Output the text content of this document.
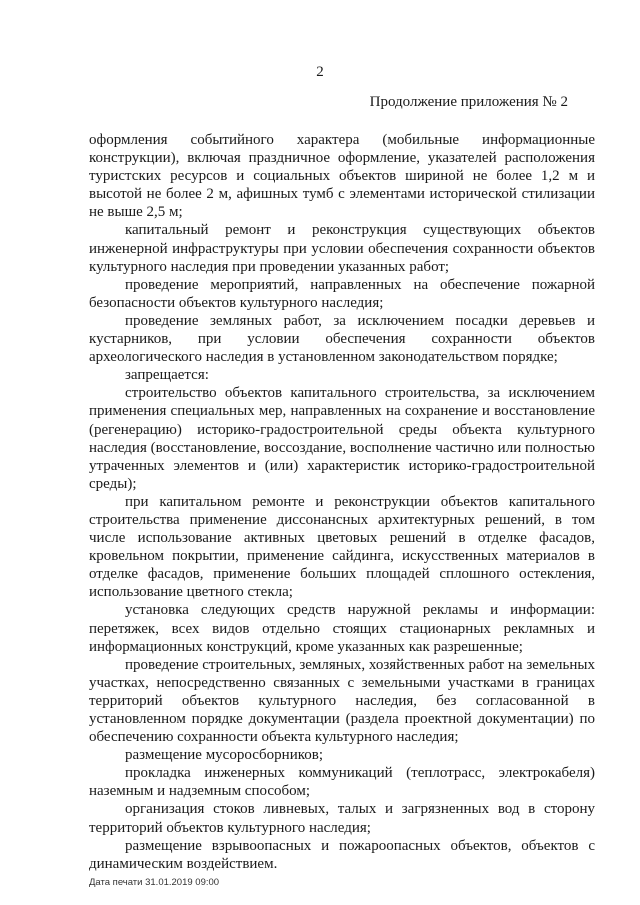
2
Продолжение приложения № 2

оформления событийного характера (мобильные информационные конструкции), включая праздничное оформление, указателей расположения туристских ресурсов и социальных объектов шириной не более 1,2 м и высотой не более 2 м, афишных тумб с элементами исторической стилизации не выше 2,5 м;

капитальный ремонт и реконструкция существующих объектов инженерной инфраструктуры при условии обеспечения сохранности объектов культурного наследия при проведении указанных работ;

проведение мероприятий, направленных на обеспечение пожарной безопасности объектов культурного наследия;

проведение земляных работ, за исключением посадки деревьев и кустарников, при условии обеспечения сохранности объектов археологического наследия в установленном законодательством порядке;

запрещается:

строительство объектов капитального строительства, за исключением применения специальных мер, направленных на сохранение и восстановление (регенерацию) историко-градостроительной среды объекта культурного наследия (восстановление, воссоздание, восполнение частично или полностью утраченных элементов и (или) характеристик историко-градостроительной среды);

при капитальном ремонте и реконструкции объектов капитального строительства применение диссонансных архитектурных решений, в том числе использование активных цветовых решений в отделке фасадов, кровельном покрытии, применение сайдинга, искусственных материалов в отделке фасадов, применение больших площадей сплошного остекления, использование цветного стекла;

установка следующих средств наружной рекламы и информации: перетяжек, всех видов отдельно стоящих стационарных рекламных и информационных конструкций, кроме указанных как разрешенные;

проведение строительных, земляных, хозяйственных работ на земельных участках, непосредственно связанных с земельными участками в границах территорий объектов культурного наследия, без согласованной в установленном порядке документации (раздела проектной документации) по обеспечению сохранности объекта культурного наследия;

размещение мусоросборников;

прокладка инженерных коммуникаций (теплотрасс, электрокабеля) наземным и надземным способом;

организация стоков ливневых, талых и загрязненных вод в сторону территорий объектов культурного наследия;

размещение взрывоопасных и пожароопасных объектов, объектов с динамическим воздействием.

Дата печати 31.01.2019 09:00
